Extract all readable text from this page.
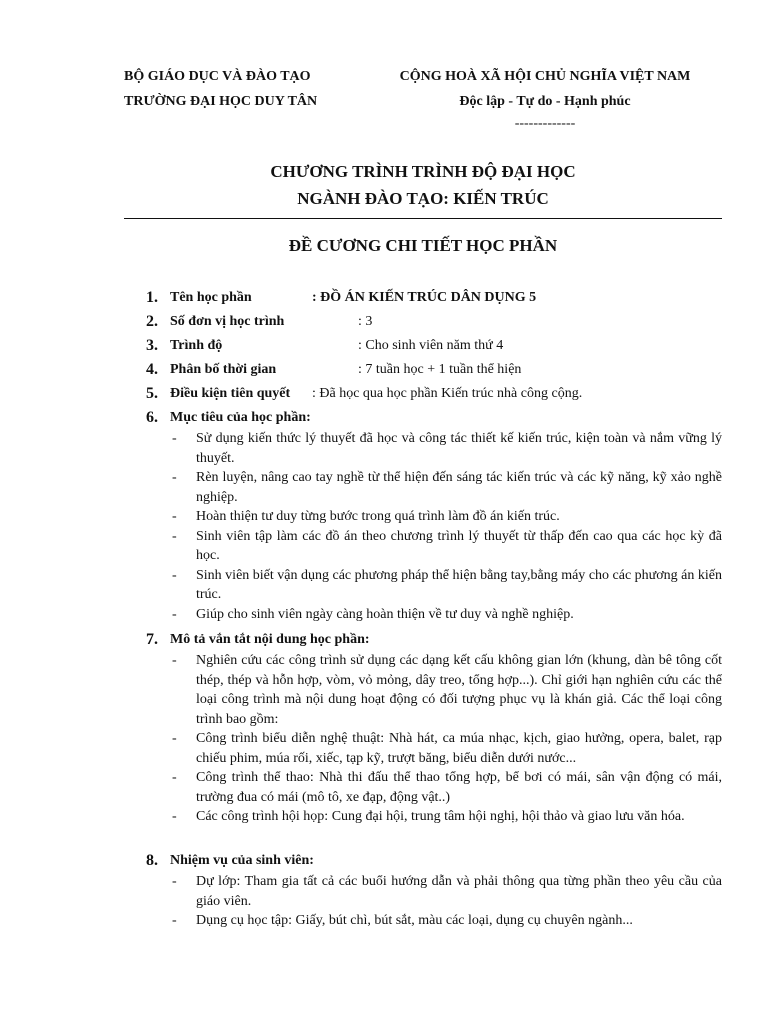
BỘ GIÁO DỤC VÀ ĐÀO TẠO
TRƯỜNG ĐẠI HỌC DUY TÂN
CỘNG HOÀ XÃ HỘI CHỦ NGHĨA VIỆT NAM
Độc lập - Tự do - Hạnh phúc
-------------
CHƯƠNG TRÌNH TRÌNH ĐỘ ĐẠI HỌC
NGÀNH ĐÀO TẠO: KIẾN TRÚC
ĐỀ CƯƠNG CHI TIẾT HỌC PHẦN
1. Tên học phần	: ĐỒ ÁN KIẾN TRÚC DÂN DỤNG 5
2. Số đơn vị học trình	: 3
3. Trình độ	: Cho sinh viên năm thứ 4
4. Phân bố thời gian	: 7 tuần học + 1 tuần thể hiện
5. Điều kiện tiên quyết : Đã học qua học phần Kiến trúc nhà công cộng.
6. Mục tiêu của học phần:
- Sử dụng kiến thức lý thuyết đã học và công tác thiết kế kiến trúc, kiện toàn và nắm vững lý thuyết.
- Rèn luyện, nâng cao tay nghề từ thể hiện đến sáng tác kiến trúc và các kỹ năng, kỹ xảo nghề nghiệp.
- Hoàn thiện tư duy từng bước trong quá trình làm đồ án kiến trúc.
- Sinh viên tập làm các đồ án theo chương trình lý thuyết từ thấp đến cao qua các học kỳ đã học.
- Sinh viên biết vận dụng các phương pháp thể hiện bằng tay,bằng máy cho các phương án kiến trúc.
- Giúp cho sinh viên ngày càng hoàn thiện về tư duy và nghề nghiệp.
7. Mô tả vắn tắt nội dung học phần:
- Nghiên cứu các công trình sử dụng các dạng kết cấu không gian lớn (khung, dàn bê tông cốt thép, thép và hỗn hợp, vòm, vỏ mỏng, dây treo, tổng hợp...). Chỉ giới hạn nghiên cứu các thể loại công trình mà nội dung hoạt động có đối tượng phục vụ là khán giả. Các thể loại công trình bao gồm:
- Công trình biểu diễn nghệ thuật: Nhà hát, ca múa nhạc, kịch, giao hưởng, opera, balet, rạp chiếu phim, múa rối, xiếc, tạp kỹ, trượt băng, biểu diễn dưới nước...
- Công trình thể thao: Nhà thi đấu thể thao tổng hợp, bể bơi có mái, sân vận động có mái, trường đua có mái (mô tô, xe đạp, động vật..)
- Các công trình hội họp: Cung đại hội, trung tâm hội nghị, hội thảo và giao lưu văn hóa.
8. Nhiệm vụ của sinh viên:
- Dự lớp: Tham gia tất cả các buổi hướng dẫn và phải thông qua từng phần theo yêu cầu của giáo viên.
- Dụng cụ học tập: Giấy, bút chì, bút sắt, màu các loại, dụng cụ chuyên ngành...
